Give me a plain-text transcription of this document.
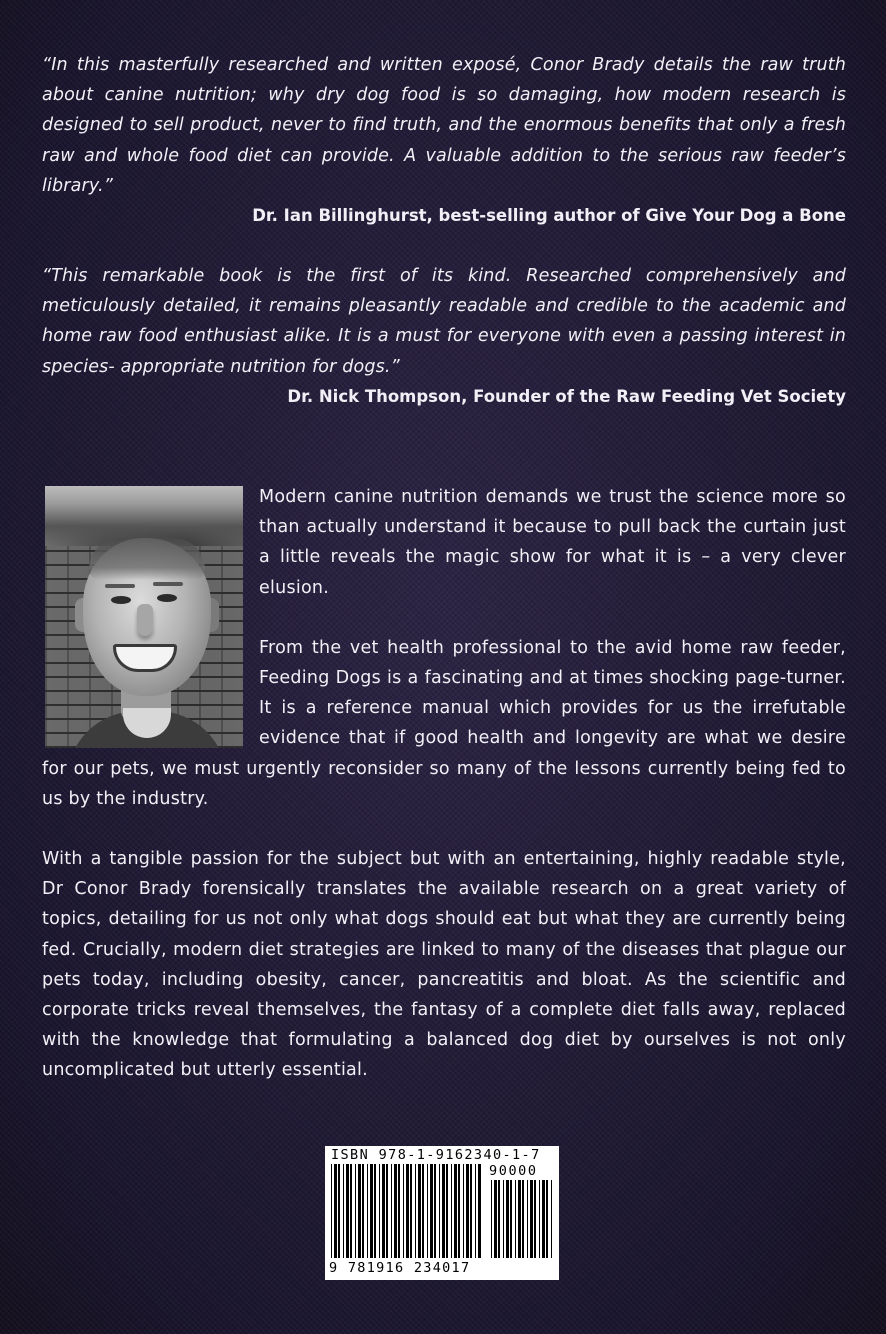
“In this masterfully researched and written exposé, Conor Brady details the raw truth about canine nutrition; why dry dog food is so damaging, how modern research is designed to sell product, never to find truth, and the enormous benefits that only a fresh raw and whole food diet can provide. A valuable addition to the serious raw feeder’s library.”
Dr. Ian Billinghurst, best-selling author of Give Your Dog a Bone
“This remarkable book is the first of its kind. Researched comprehensively and meticulously detailed, it remains pleasantly readable and credible to the academic and home raw food enthusiast alike. It is a must for everyone with even a passing interest in species- appropriate nutrition for dogs.”
Dr. Nick Thompson, Founder of the Raw Feeding Vet Society

Modern canine nutrition demands we trust the science more so than actually understand it because to pull back the curtain just a little reveals the magic show for what it is – a very clever elusion.

From the vet health professional to the avid home raw feeder, Feeding Dogs is a fascinating and at times shocking page-turner. It is a reference manual which provides for us the irrefutable evidence that if good health and longevity are what we desire for our pets, we must urgently reconsider so many of the lessons currently being fed to us by the industry.

With a tangible passion for the subject but with an entertaining, highly readable style, Dr Conor Brady forensically translates the available research on a great variety of topics, detailing for us not only what dogs should eat but what they are currently being fed. Crucially, modern diet strategies are linked to many of the diseases that plague our pets today, including obesity, cancer, pancreatitis and bloat. As the scientific and corporate tricks reveal themselves, the fantasy of a complete diet falls away, replaced with the knowledge that formulating a balanced dog diet by ourselves is not only uncomplicated but utterly essential.

ISBN 978-1-9162340-1-7
90000
9 781916 234017
